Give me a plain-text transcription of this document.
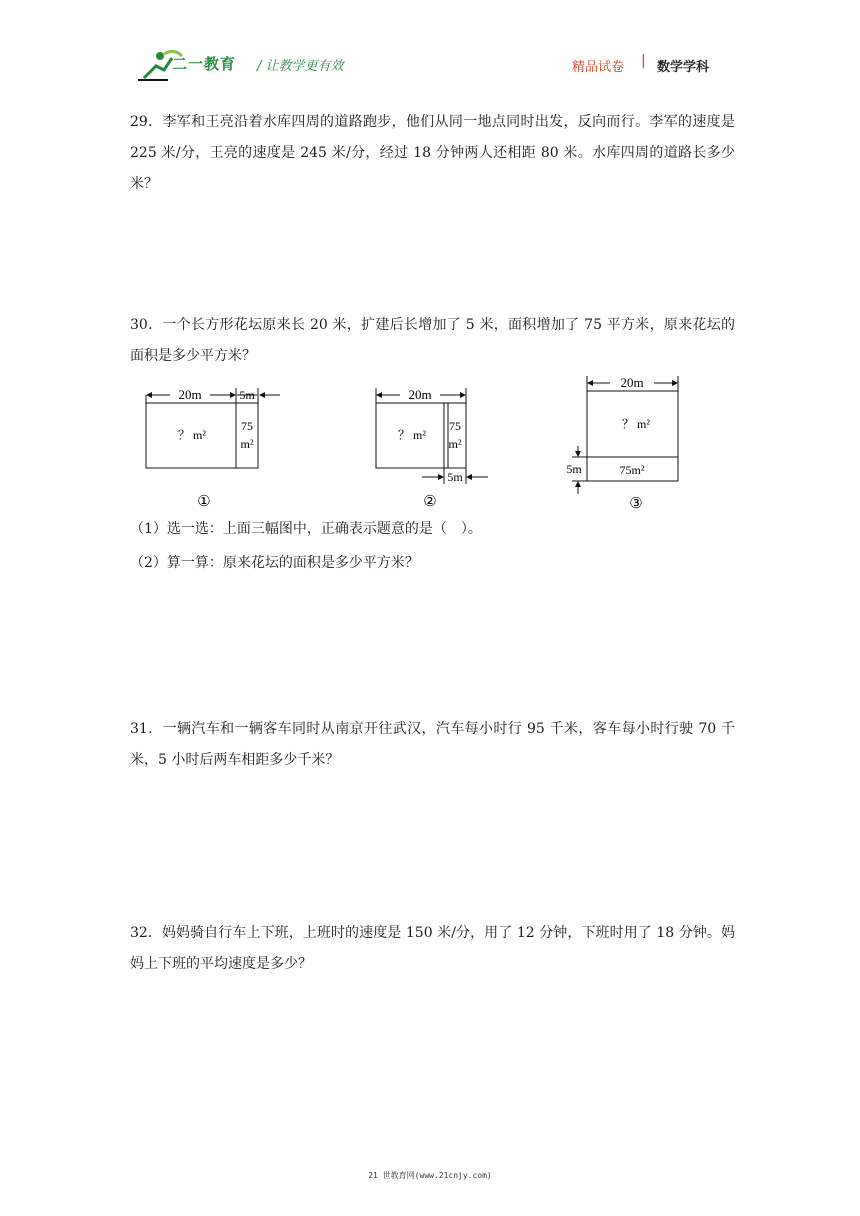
二一教育 / 让教学更有效	精品试卷 | 数学学科
29．李军和王亮沿着水库四周的道路跑步，他们从同一地点同时出发，反向而行。李军的速度是 225 米/分，王亮的速度是 245 米/分，经过 18 分钟两人还相距 80 米。水库四周的道路长多少米？
30．一个长方形花坛原来长 20 米，扩建后长增加了 5 米，面积增加了 75 平方米，原来花坛的面积是多少平方米？
20m	5m
？ m²
75
m²
①
20m
？ m²
75
m²
5m
②
20m
？ m²
75m²
5m
③
（1）选一选：上面三幅图中，正确表示题意的是（　）。
（2）算一算：原来花坛的面积是多少平方米？
31．一辆汽车和一辆客车同时从南京开往武汉，汽车每小时行 95 千米，客车每小时行驶 70 千米，5 小时后两车相距多少千米？
32．妈妈骑自行车上下班，上班时的速度是 150 米/分，用了 12 分钟，下班时用了 18 分钟。妈妈上下班的平均速度是多少？
21 世教育网(www.21cnjy.com)
